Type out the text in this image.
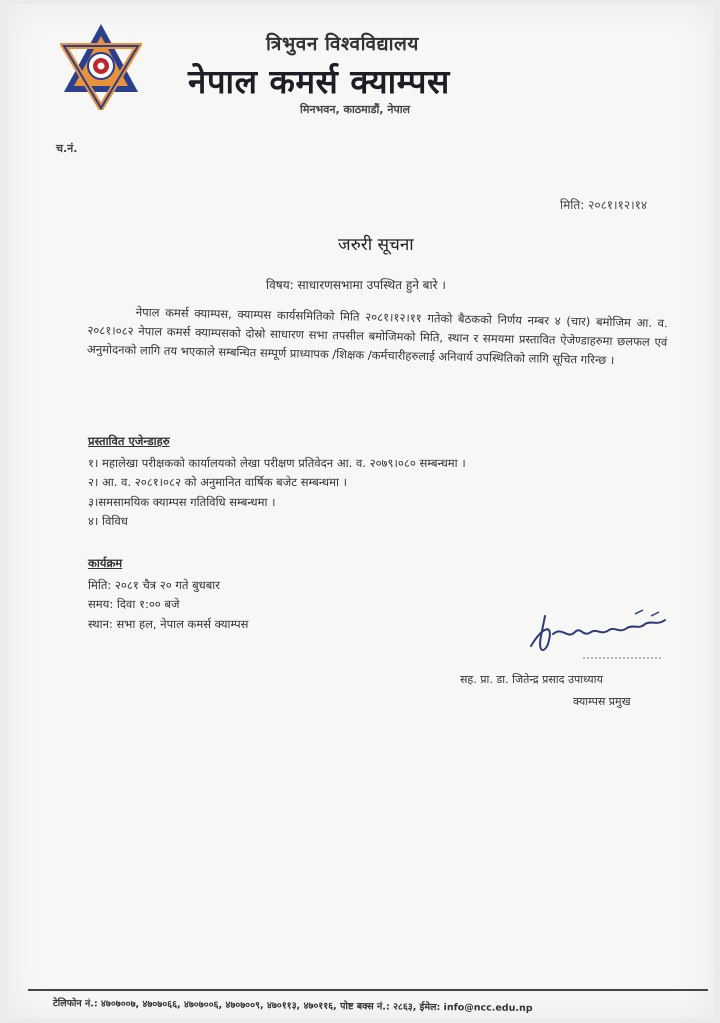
त्रिभुवन विश्वविद्यालय
नेपाल कमर्स क्याम्पस
मिनभवन, काठमाडौं, नेपाल
च.नं.
मिति: २०८१।१२।१४
जरुरी सूचना
विषय: साधारणसभामा उपस्थित हुने बारे ।

नेपाल कमर्स क्याम्पस, क्याम्पस कार्यसमितिको मिति २०८१।१२।११ गतेको बैठकको निर्णय नम्बर ४ (चार) बमोजिम आ. व. २०८१।०८२ नेपाल कमर्स क्याम्पसको दोस्रो साधारण सभा तपसील बमोजिमको मिति, स्थान र समयमा प्रस्तावित ऐजेण्डाहरुमा छलफल एवं अनुमोदनको लागि तय भएकाले सम्बन्धित सम्पूर्ण प्राध्यापक /शिक्षक /कर्मचारीहरुलाई अनिवार्य उपस्थितिको लागि सूचित गरिन्छ ।

प्रस्तावित एजेन्डाहरु
१। महालेखा परीक्षकको कार्यालयको लेखा परीक्षण प्रतिवेदन आ. व. २०७९।०८० सम्बन्धमा ।
२। आ. व. २०८१।०८२ को अनुमानित वार्षिक बजेट सम्बन्धमा ।
३।समसामयिक क्याम्पस गतिविधि सम्बन्धमा ।
४। विविध
कार्यक्रम
मिति: २०८१ चैत्र २० गते बुधबार
समय: दिवा १:०० बजे
स्थान: सभा हल, नेपाल कमर्स क्याम्पस
सह. प्रा. डा. जितेन्द्र प्रसाद उपाध्याय
क्याम्पस प्रमुख
टेलिफोन नं.: ४७०७००७, ४७०७०६६, ४७०७००६, ४७०७००९, ४७०११३, ४७०११६, पोष्ट बक्स नं.: २८६३, ईमेल: info@ncc.edu.np
